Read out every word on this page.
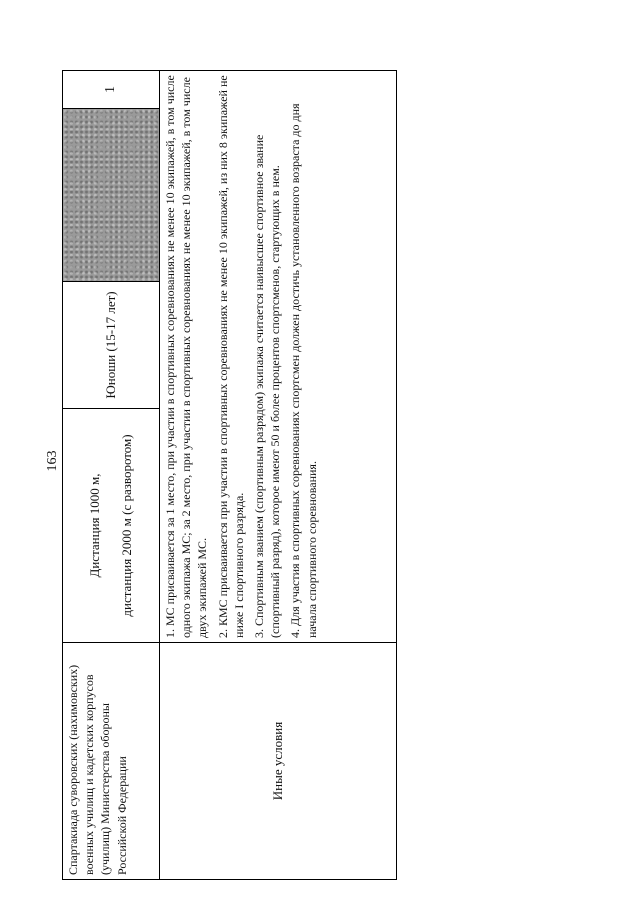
163
Спартакиада суворовских (нахимовских) военных училищ и кадетских корпусов (училищ) Министерства обороны Российской Федерации	Дистанция 1000 м, дистанция 2000 м (с разворотом)	Юноши (15-17 лет)		1
Иные условия	1. МС присваивается за 1 место, при участии в спортивных соревнованиях не менее 10 экипажей, в том числе одного экипажа МС; за 2 место, при участии в спортивных соревнованиях не менее 10 экипажей, в том числе двух экипажей МС. 2. КМС присваивается при участии в спортивных соревнованиях не менее 10 экипажей, из них 8 экипажей не ниже I спортивного разряда. 3. Спортивным званием (спортивным разрядом) экипажа считается наивысшее спортивное звание (спортивный разряд), которое имеют 50 и более процентов спортсменов, стартующих в нем. 4. Для участия в спортивных соревнованиях спортсмен должен достичь установленного возраста до дня начала спортивного соревнования.			
